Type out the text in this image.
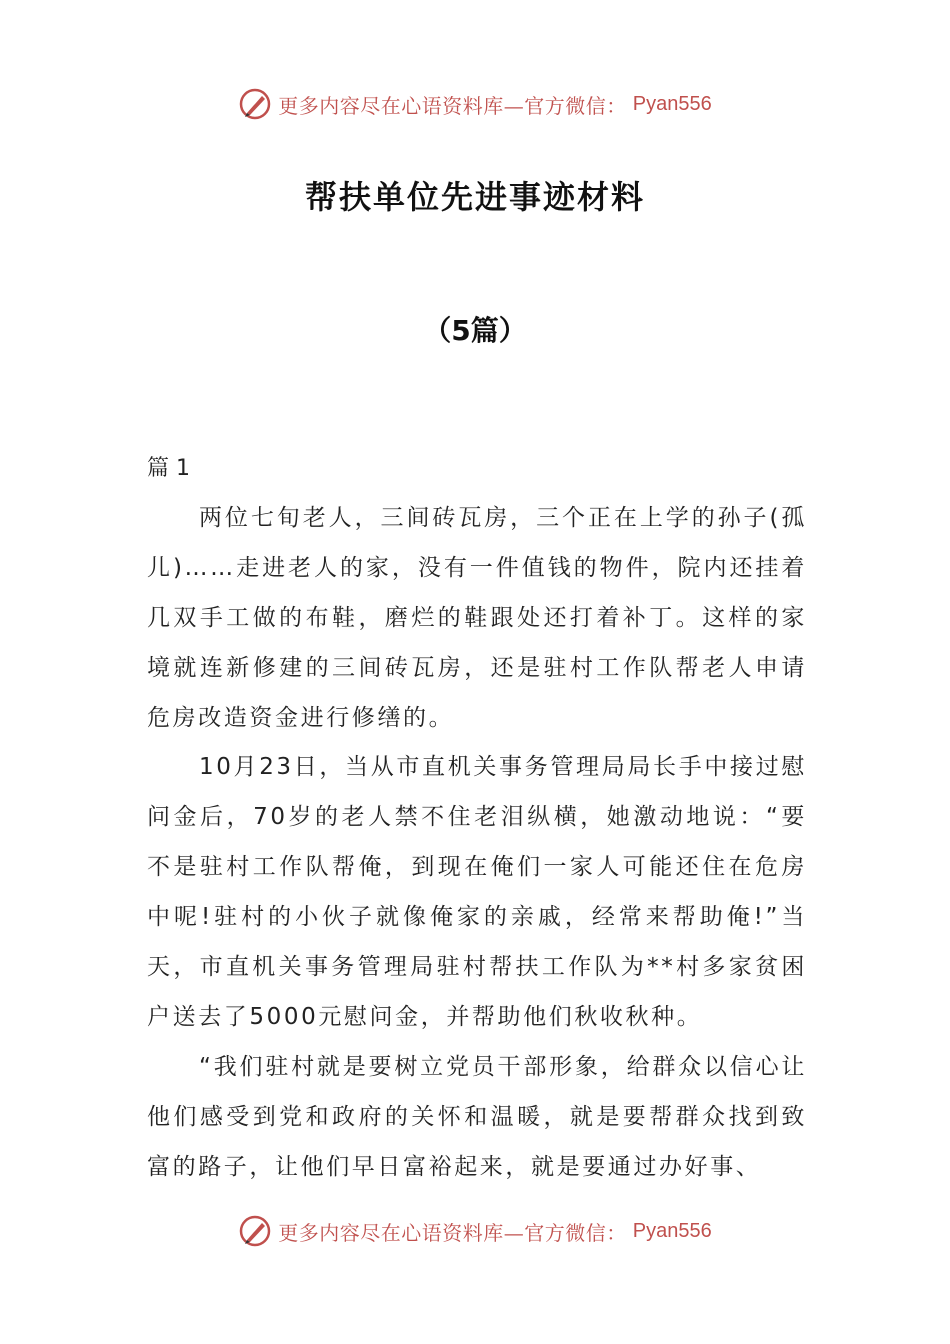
更多内容尽在心语资料库—官方微信： Pyan556
帮扶单位先进事迹材料
（5篇）
篇 1
两位七旬老人，三间砖瓦房，三个正在上学的孙子(孤儿)……走进老人的家，没有一件值钱的物件，院内还挂着几双手工做的布鞋，磨烂的鞋跟处还打着补丁。这样的家境就连新修建的三间砖瓦房，还是驻村工作队帮老人申请危房改造资金进行修缮的。
10月23日，当从市直机关事务管理局局长手中接过慰问金后，70岁的老人禁不住老泪纵横，她激动地说：“要不是驻村工作队帮俺，到现在俺们一家人可能还住在危房中呢!驻村的小伙子就像俺家的亲戚，经常来帮助俺!”当天，市直机关事务管理局驻村帮扶工作队为**村多家贫困户送去了5000元慰问金，并帮助他们秋收秋种。
“我们驻村就是要树立党员干部形象，给群众以信心让他们感受到党和政府的关怀和温暖，就是要帮群众找到致富的路子，让他们早日富裕起来，就是要通过办好事、
更多内容尽在心语资料库—官方微信： Pyan556
